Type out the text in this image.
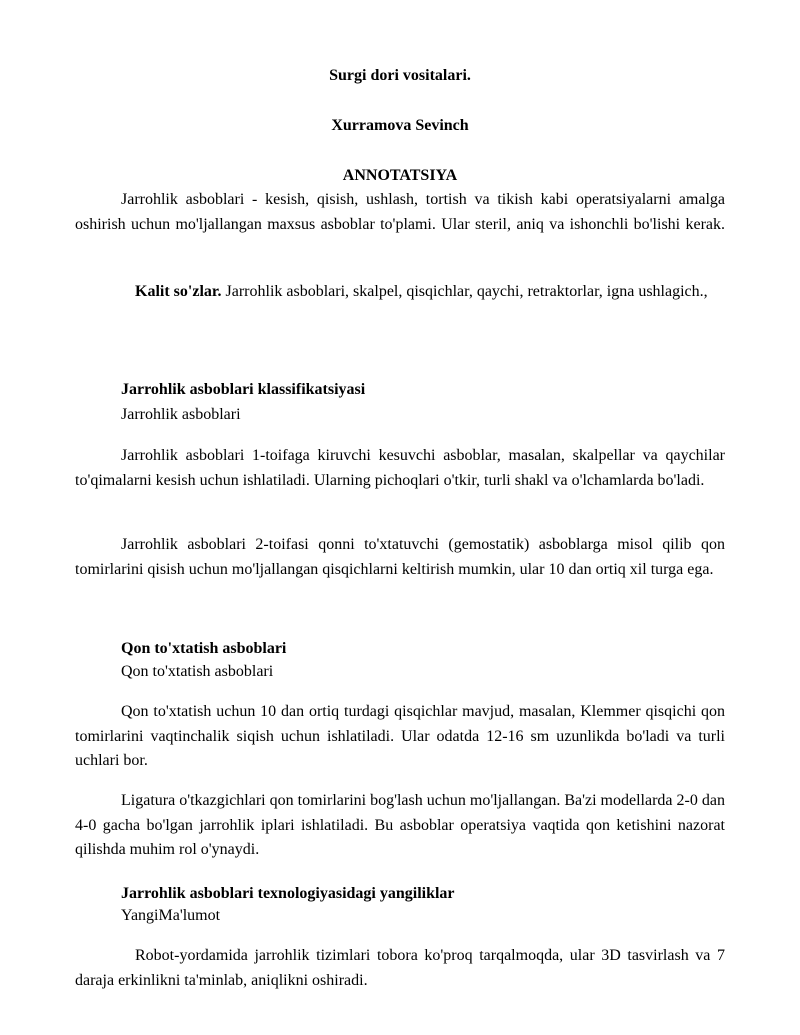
Surgi dori vositalari.
Xurramova Sevinch
ANNOTATSIYA

Jarrohlik asboblari - kesish, qisish, ushlash, tortish va tikish kabi operatsiyalarni amalga oshirish uchun mo'ljallangan maxsus asboblar to'plami. Ular steril, aniq va ishonchli bo'lishi kerak.

Kalit so'zlar. Jarrohlik asboblari, skalpel, qisqichlar, qaychi, retraktorlar, igna ushlagich.,

Jarrohlik asboblari klassifikatsiyasi
Jarrohlik asboblari

Jarrohlik asboblari 1-toifaga kiruvchi kesuvchi asboblar, masalan, skalpellar va qaychilar to'qimalarni kesish uchun ishlatiladi. Ularning pichoqlari o'tkir, turli shakl va o'lchamlarda bo'ladi.

Jarrohlik asboblari 2-toifasi qonni to'xtatuvchi (gemostatik) asboblarga misol qilib qon tomirlarini qisish uchun mo'ljallangan qisqichlarni keltirish mumkin, ular 10 dan ortiq xil turga ega.

Qon to'xtatish asboblari
Qon to'xtatish asboblari

Qon to'xtatish uchun 10 dan ortiq turdagi qisqichlar mavjud, masalan, Klemmer qisqichi qon tomirlarini vaqtinchalik siqish uchun ishlatiladi. Ular odatda 12-16 sm uzunlikda bo'ladi va turli uchlari bor.

Ligatura o'tkazgichlari qon tomirlarini bog'lash uchun mo'ljallangan. Ba'zi modellarda 2-0 dan 4-0 gacha bo'lgan jarrohlik iplari ishlatiladi. Bu asboblar operatsiya vaqtida qon ketishini nazorat qilishda muhim rol o'ynaydi.

Jarrohlik asboblari texnologiyasidagi yangiliklar
YangiMa'lumot

Robot-yordamida jarrohlik tizimlari tobora ko'proq tarqalmoqda, ular 3D tasvirlash va 7 daraja erkinlikni ta'minlab, aniqlikni oshiradi.
